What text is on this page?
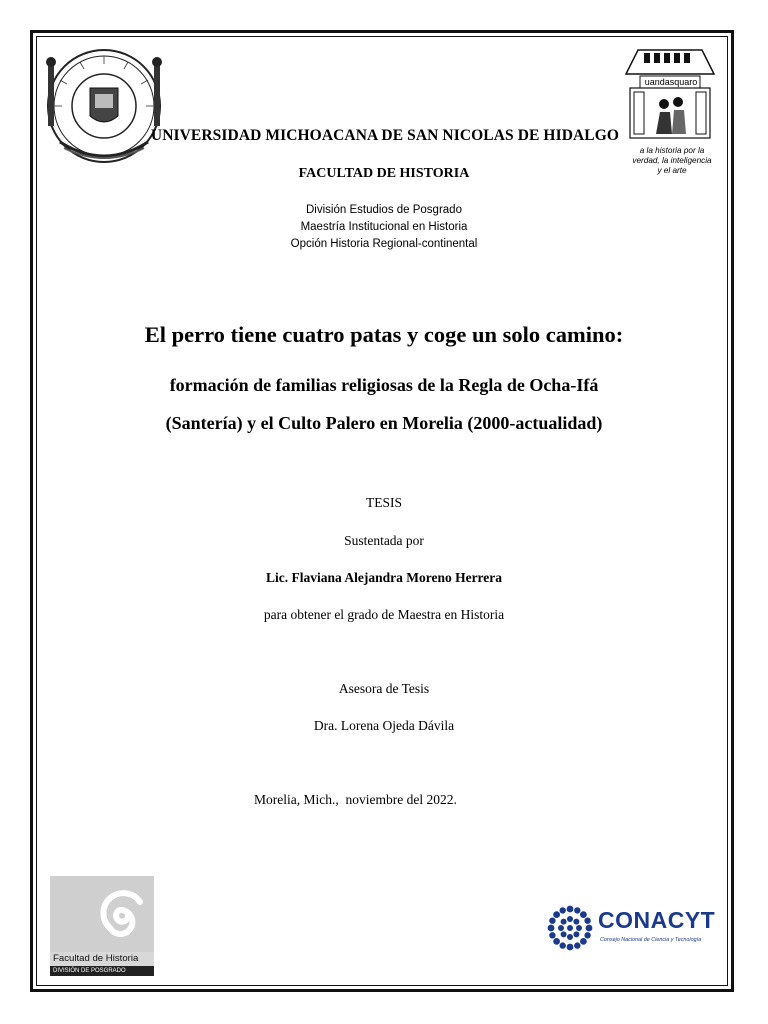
uandasquaro
a la historia por la
verdad, la inteligencia
y el arte
UNIVERSIDAD MICHOACANA DE SAN NICOLAS DE HIDALGO
FACULTAD DE HISTORIA
División Estudios de Posgrado
Maestría Institucional en Historia
Opción Historia Regional-continental
El perro tiene cuatro patas y coge un solo camino:
formación de familias religiosas de la Regla de Ocha-Ifá
(Santería) y el Culto Palero en Morelia (2000-actualidad)
TESIS
Sustentada por
Lic. Flaviana Alejandra Moreno Herrera
para obtener el grado de Maestra en Historia
Asesora de Tesis
Dra. Lorena Ojeda Dávila
Morelia, Mich.,  noviembre del 2022.
Facultad de Historia
DIVISIÓN DE POSGRADO
CONACYT
Consejo Nacional de Ciencia y Tecnología
